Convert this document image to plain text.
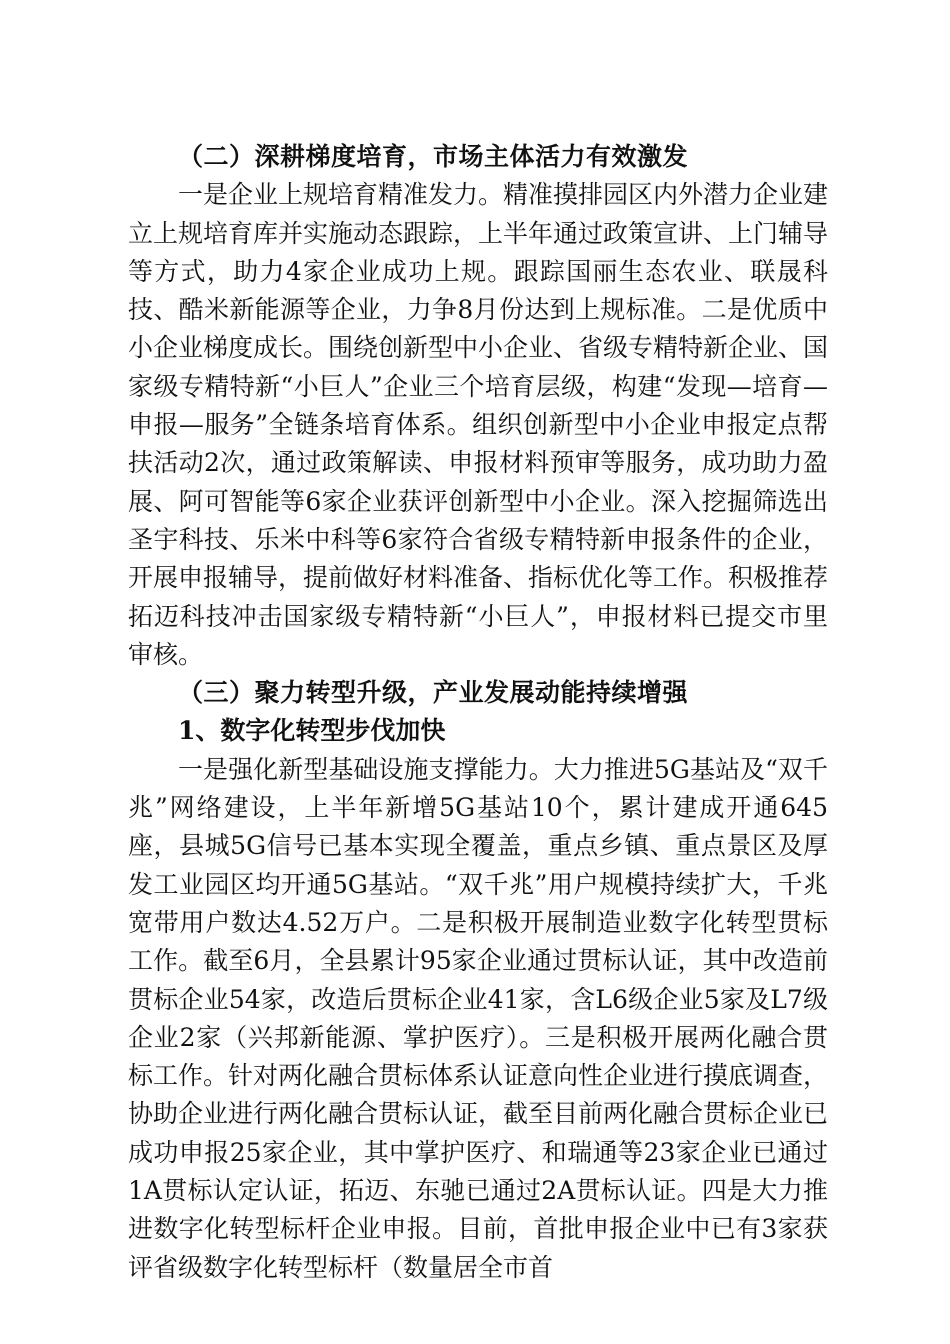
（二）深耕梯度培育，市场主体活力有效激发

一是企业上规培育精准发力。精准摸排园区内外潜力企业建立上规培育库并实施动态跟踪，上半年通过政策宣讲、上门辅导等方式，助力4家企业成功上规。跟踪国丽生态农业、联晟科技、酷米新能源等企业，力争8月份达到上规标准。二是优质中小企业梯度成长。围绕创新型中小企业、省级专精特新企业、国家级专精特新“小巨人”企业三个培育层级，构建“发现—培育—申报—服务”全链条培育体系。组织创新型中小企业申报定点帮扶活动2次，通过政策解读、申报材料预审等服务，成功助力盈展、阿可智能等6家企业获评创新型中小企业。深入挖掘筛选出圣宇科技、乐米中科等6家符合省级专精特新申报条件的企业，开展申报辅导，提前做好材料准备、指标优化等工作。积极推荐拓迈科技冲击国家级专精特新“小巨人”，申报材料已提交市里审核。

（三）聚力转型升级，产业发展动能持续增强

1、数字化转型步伐加快

一是强化新型基础设施支撑能力。大力推进5G基站及“双千兆”网络建设，上半年新增5G基站10个，累计建成开通645座，县城5G信号已基本实现全覆盖，重点乡镇、重点景区及厚发工业园区均开通5G基站。“双千兆”用户规模持续扩大，千兆宽带用户数达4.52万户。二是积极开展制造业数字化转型贯标工作。截至6月，全县累计95家企业通过贯标认证，其中改造前贯标企业54家，改造后贯标企业41家，含L6级企业5家及L7级企业2家（兴邦新能源、掌护医疗）。三是积极开展两化融合贯标工作。针对两化融合贯标体系认证意向性企业进行摸底调查，协助企业进行两化融合贯标认证，截至目前两化融合贯标企业已成功申报25家企业，其中掌护医疗、和瑞通等23家企业已通过1A贯标认定认证，拓迈、东驰已通过2A贯标认证。四是大力推进数字化转型标杆企业申报。目前，首批申报企业中已有3家获评省级数字化转型标杆（数量居全市首
